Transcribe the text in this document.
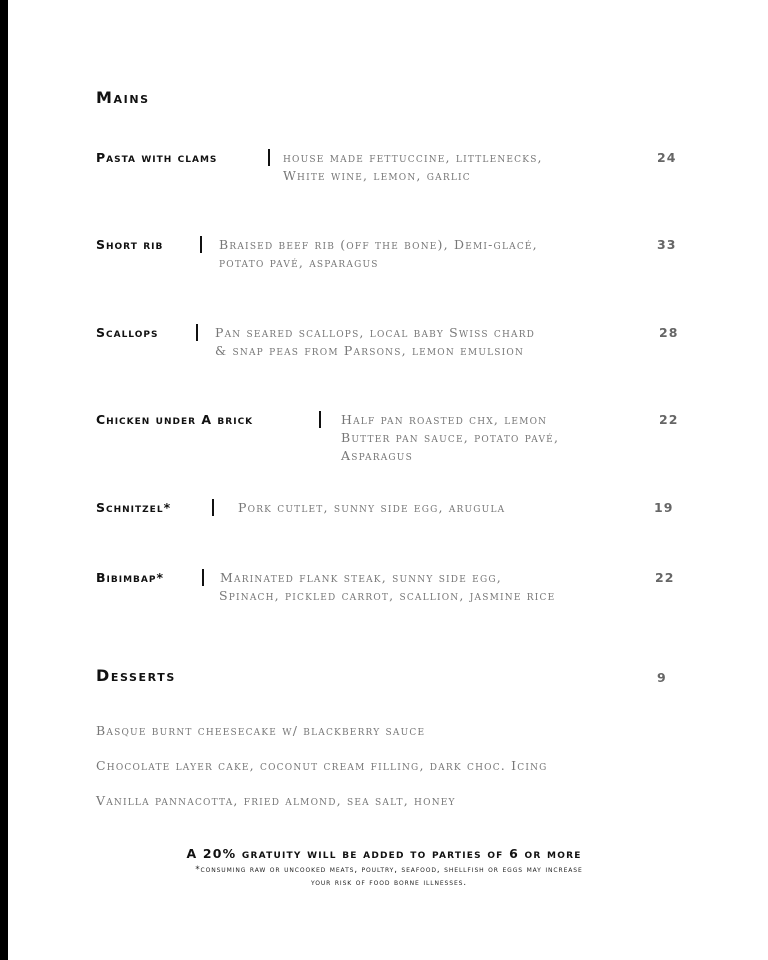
Mains
Pasta with clams	house made fettuccine, littlenecks,
White wine, lemon, garlic
24
Short rib	Braised beef rib (off the bone), Demi-glacé,
potato pavé, asparagus
33
Scallops	Pan seared scallops, local baby Swiss chard
& snap peas from Parsons, lemon emulsion
28
Chicken under A brick	Half pan roasted chx, lemon
Butter pan sauce, potato pavé,
Asparagus
22
Schnitzel*	Pork cutlet, sunny side egg, arugula	19
Bibimbap*	Marinated flank steak, sunny side egg,
Spinach, pickled carrot, scallion, jasmine rice
22
Desserts	9
Basque burnt cheesecake w/ blackberry sauce
Chocolate layer cake, coconut cream filling, dark choc. Icing
Vanilla pannacotta, fried almond, sea salt, honey
A 20% gratuity will be added to parties of 6 or more
*consuming raw or uncooked meats, poultry, seafood, shellfish or eggs may increase
your risk of food borne illnesses.
